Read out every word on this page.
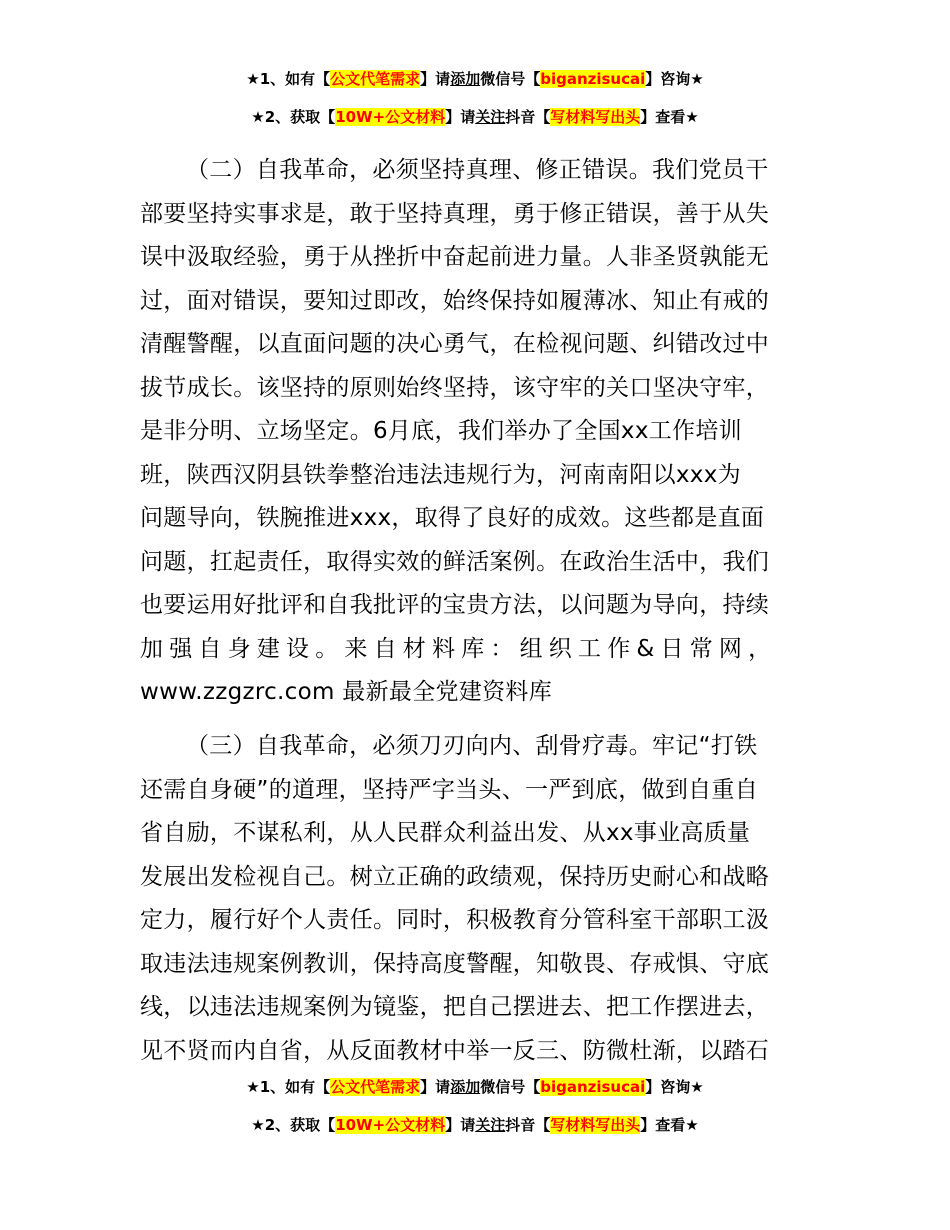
★1、如有【公文代笔需求】请添加微信号【biganzisucai】咨询★
★2、获取【10W+公文材料】请关注抖音【写材料写出头】查看★
（二）自我革命，必须坚持真理、修正错误。我们党员干
部要坚持实事求是，敢于坚持真理，勇于修正错误，善于从失
误中汲取经验，勇于从挫折中奋起前进力量。人非圣贤孰能无
过，面对错误，要知过即改，始终保持如履薄冰、知止有戒的
清醒警醒，以直面问题的决心勇气，在检视问题、纠错改过中
拔节成长。该坚持的原则始终坚持，该守牢的关口坚决守牢，
是非分明、立场坚定。6月底，我们举办了全国xx工作培训
班，陕西汉阴县铁拳整治违法违规行为，河南南阳以xxx为
问题导向，铁腕推进xxx，取得了良好的成效。这些都是直面
问题，扛起责任，取得实效的鲜活案例。在政治生活中，我们
也要运用好批评和自我批评的宝贵方法，以问题为导向，持续
加强自身建设。来自材料库：组织工作&日常网，
www.zzgzrc.com 最新最全党建资料库
（三）自我革命，必须刀刃向内、刮骨疗毒。牢记“打铁
还需自身硬”的道理，坚持严字当头、一严到底，做到自重自
省自励，不谋私利，从人民群众利益出发、从xx事业高质量
发展出发检视自己。树立正确的政绩观，保持历史耐心和战略
定力，履行好个人责任。同时，积极教育分管科室干部职工汲
取违法违规案例教训，保持高度警醒，知敬畏、存戒惧、守底
线，以违法违规案例为镜鉴，把自己摆进去、把工作摆进去，
见不贤而内自省，从反面教材中举一反三、防微杜渐，以踏石
★1、如有【公文代笔需求】请添加微信号【biganzisucai】咨询★
★2、获取【10W+公文材料】请关注抖音【写材料写出头】查看★
